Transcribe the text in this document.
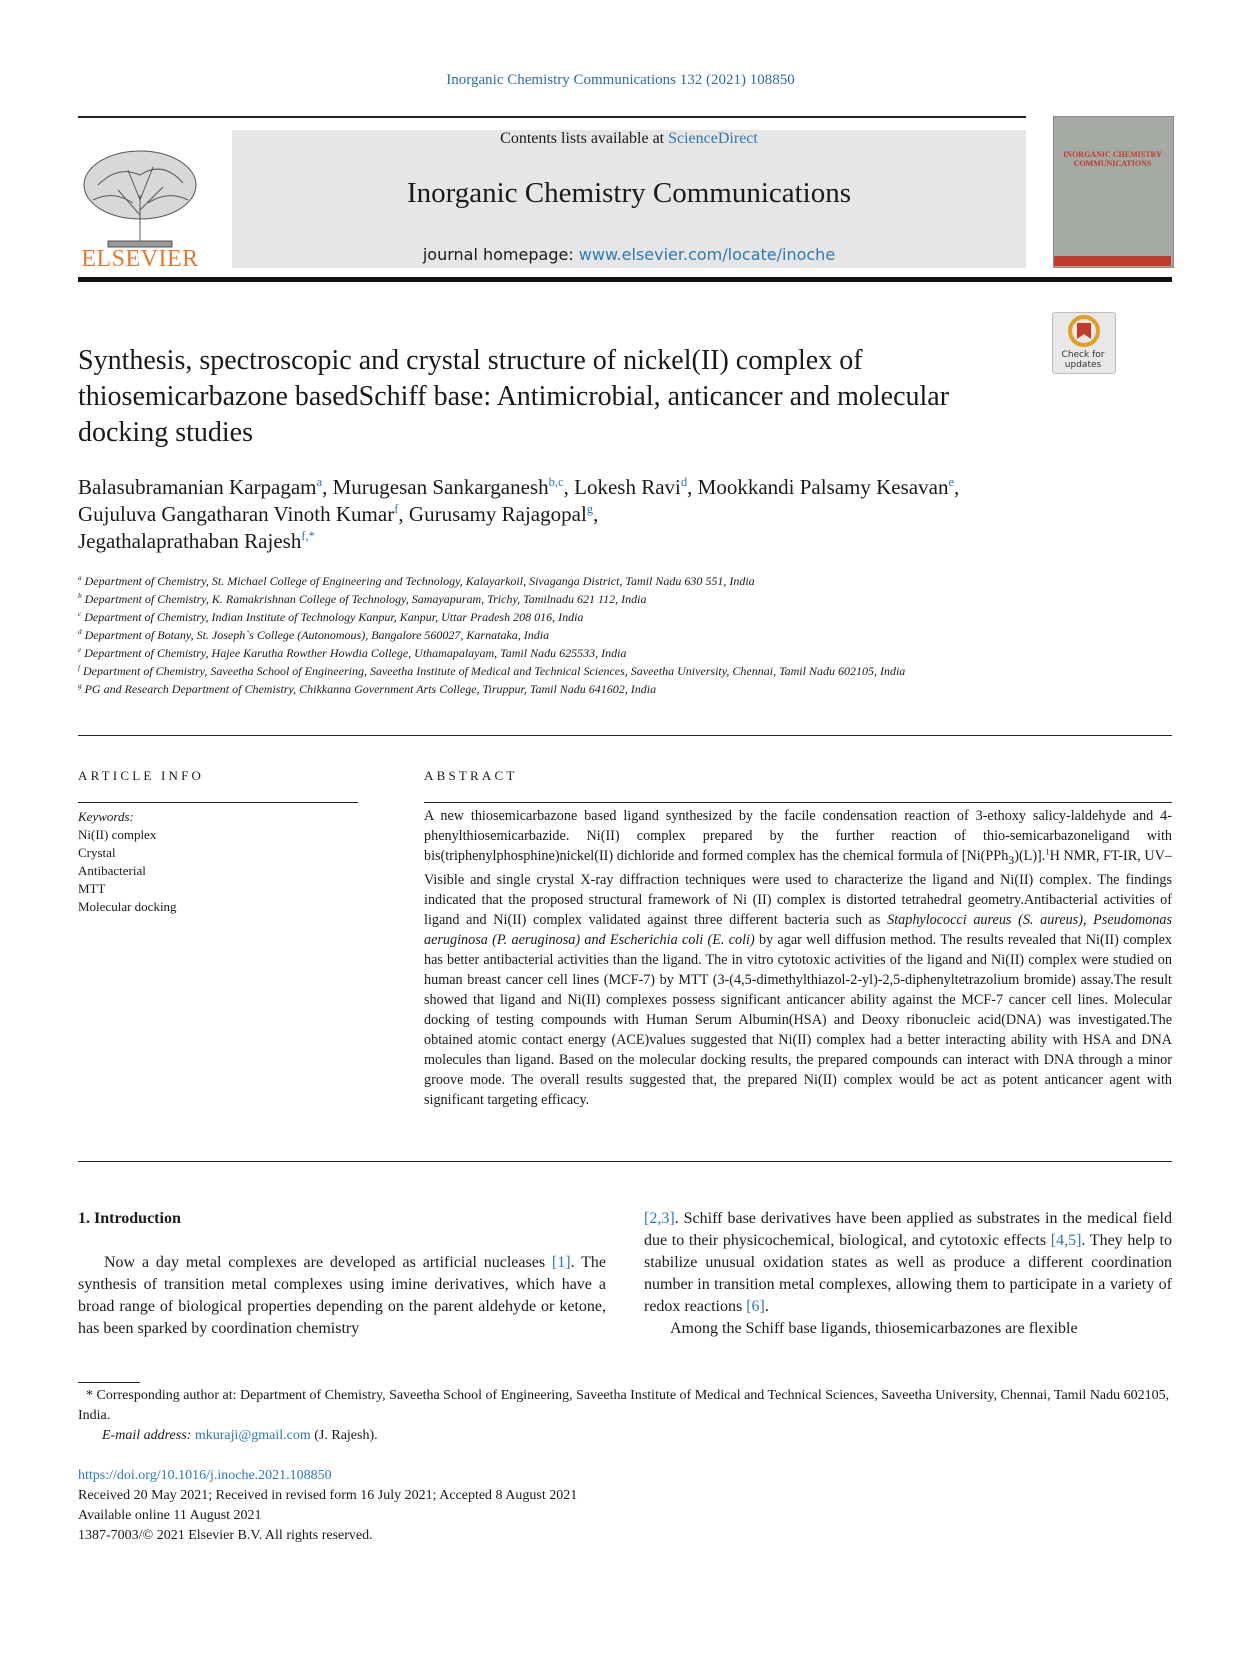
Inorganic Chemistry Communications 132 (2021) 108850
ELSEVIER
Contents lists available at ScienceDirect
Inorganic Chemistry Communications
journal homepage: www.elsevier.com/locate/inoche
INORGANIC CHEMISTRY COMMUNICATIONS
Check for updates
Synthesis, spectroscopic and crystal structure of nickel(II) complex of thiosemicarbazone basedSchiff base: Antimicrobial, anticancer and molecular docking studies
Balasubramanian Karpagam$^a$, Murugesan Sankarganesh$^{b,c}$, Lokesh Ravi$^d$, Mookkandi Palsamy Kesavan$^e$, Gujuluva Gangatharan Vinoth Kumar$^f$, Gurusamy Rajagopal$^g$,
Jegathalaprathaban Rajesh$^{f,*}$
$^a$ Department of Chemistry, St. Michael College of Engineering and Technology, Kalayarkoil, Sivaganga District, Tamil Nadu 630 551, India
$^b$ Department of Chemistry, K. Ramakrishnan College of Technology, Samayapuram, Trichy, Tamilnadu 621 112, India
$^c$ Department of Chemistry, Indian Institute of Technology Kanpur, Kanpur, Uttar Pradesh 208 016, India
$^d$ Department of Botany, St. Joseph`s College (Autonomous), Bangalore 560027, Karnataka, India
$^e$ Department of Chemistry, Hajee Karutha Rowther Howdia College, Uthamapalayam, Tamil Nadu 625533, India
$^f$ Department of Chemistry, Saveetha School of Engineering, Saveetha Institute of Medical and Technical Sciences, Saveetha University, Chennai, Tamil Nadu 602105, India
$^g$ PG and Research Department of Chemistry, Chikkanna Government Arts College, Tiruppur, Tamil Nadu 641602, India
ARTICLE INFO	ABSTRACT
Keywords:
Ni(II) complex
Crystal
Antibacterial
MTT
Molecular docking
A new thiosemicarbazone based ligand synthesized by the facile condensation reaction of 3-ethoxy salicy-laldehyde and 4-phenylthiosemicarbazide. Ni(II) complex prepared by the further reaction of thio-semicarbazoneligand with bis(triphenylphosphine)nickel(II) dichloride and formed complex has the chemical formula of [Ni(PPh$_3$)(L)].$^1$H NMR, FT-IR, UV–Visible and single crystal X-ray diffraction techniques were used to characterize the ligand and Ni(II) complex. The findings indicated that the proposed structural framework of Ni (II) complex is distorted tetrahedral geometry.Antibacterial activities of ligand and Ni(II) complex validated against three different bacteria such as Staphylococci aureus (S. aureus), Pseudomonas aeruginosa (P. aeruginosa) and Escherichia coli (E. coli) by agar well diffusion method. The results revealed that Ni(II) complex has better antibacterial activities than the ligand. The in vitro cytotoxic activities of the ligand and Ni(II) complex were studied on human breast cancer cell lines (MCF-7) by MTT (3-(4,5-dimethylthiazol-2-yl)-2,5-diphenyltetrazolium bromide) assay.The result showed that ligand and Ni(II) complexes possess significant anticancer ability against the MCF-7 cancer cell lines. Molecular docking of testing compounds with Human Serum Albumin(HSA) and Deoxy ribonucleic acid(DNA) was investigated.The obtained atomic contact energy (ACE)values suggested that Ni(II) complex had a better interacting ability with HSA and DNA molecules than ligand. Based on the molecular docking results, the prepared compounds can interact with DNA through a minor groove mode. The overall results suggested that, the prepared Ni(II) complex would be act as potent anticancer agent with significant targeting efficacy.
1. Introduction
Now a day metal complexes are developed as artificial nucleases [1]. The synthesis of transition metal complexes using imine derivatives, which have a broad range of biological properties depending on the parent aldehyde or ketone, has been sparked by coordination chemistry
[2,3]. Schiff base derivatives have been applied as substrates in the medical field due to their physicochemical, biological, and cytotoxic effects [4,5]. They help to stabilize unusual oxidation states as well as produce a different coordination number in transition metal complexes, allowing them to participate in a variety of redox reactions [6].
Among the Schiff base ligands, thiosemicarbazones are flexible
* Corresponding author at: Department of Chemistry, Saveetha School of Engineering, Saveetha Institute of Medical and Technical Sciences, Saveetha University, Chennai, Tamil Nadu 602105, India.
E-mail address: mkuraji@gmail.com (J. Rajesh).
https://doi.org/10.1016/j.inoche.2021.108850
Received 20 May 2021; Received in revised form 16 July 2021; Accepted 8 August 2021
Available online 11 August 2021
1387-7003/© 2021 Elsevier B.V. All rights reserved.
